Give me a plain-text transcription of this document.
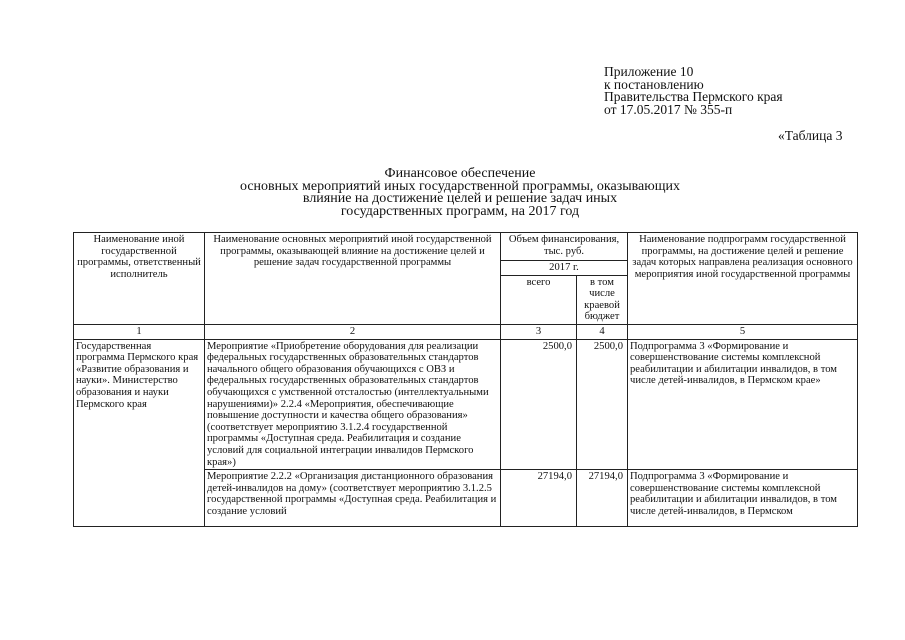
Приложение 10
к постановлению
Правительства Пермского края
от 17.05.2017 № 355-п
«Таблица 3
Финансовое обеспечение
основных мероприятий иных государственной программы, оказывающих
влияние на достижение целей и решение задач иных
государственных программ, на 2017 год
Наименование иной государственной программы, ответственный исполнитель	Наименование основных мероприятий иной государственной программы, оказывающей влияние на достижение целей и решение задач государственной программы	Объем финансирования, тыс. руб.		Наименование подпрограмм государственной программы, на достижение целей и решение задач которых направлена реализация основного мероприятия иной государственной программы
		2017 г.		
		всего	в том числе краевой бюджет	
1	2	3	4	5
Государственная программа Пермского края «Развитие образования и науки». Министерство образования и науки Пермского края	Мероприятие «Приобретение оборудования для реализации федеральных государственных образовательных стандартов начального общего образования обучающихся с ОВЗ и федеральных государственных образовательных стандартов обучающихся с умственной отсталостью (интеллектуальными нарушениями)» 2.2.4 «Мероприятия, обеспечивающие повышение доступности и качества общего образования» (соответствует мероприятию 3.1.2.4 государственной программы «Доступная среда. Реабилитация и создание условий для социальной интеграции инвалидов Пермского края»)	2500,0	2500,0	Подпрограмма 3 «Формирование и совершенствование системы комплексной реабилитации и абилитации инвалидов, в том числе детей-инвалидов, в Пермском крае»
	Мероприятие 2.2.2 «Организация дистанционного образования детей-инвалидов на дому» (соответствует мероприятию 3.1.2.5 государственной программы «Доступная среда. Реабилитация и создание условий	27194,0	27194,0	Подпрограмма 3 «Формирование и совершенствование системы комплексной реабилитации и абилитации инвалидов, в том числе детей-инвалидов, в Пермском
